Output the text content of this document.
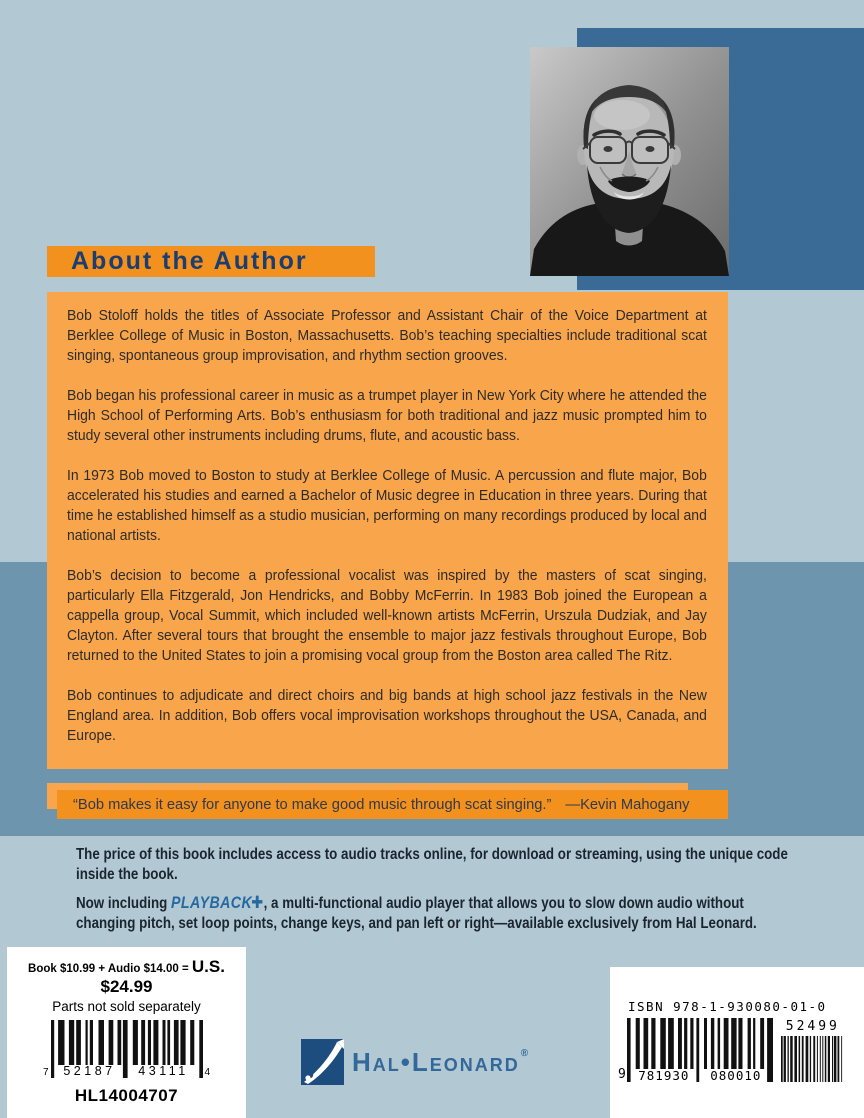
About the Author

Bob Stoloff holds the titles of Associate Professor and Assistant Chair of the Voice Department at Berklee College of Music in Boston, Massachusetts. Bob’s teaching specialties include traditional scat singing, spontaneous group improvisation, and rhythm section grooves.

Bob began his professional career in music as a trumpet player in New York City where he attended the High School of Performing Arts. Bob’s enthusiasm for both traditional and jazz music prompted him to study several other instruments including drums, flute, and acoustic bass.

In 1973 Bob moved to Boston to study at Berklee College of Music. A percussion and flute major, Bob accelerated his studies and earned a Bachelor of Music degree in Education in three years. During that time he established himself as a studio musician, performing on many recordings produced by local and national artists.

Bob’s decision to become a professional vocalist was inspired by the masters of scat singing, particularly Ella Fitzgerald, Jon Hendricks, and Bobby McFerrin. In 1983 Bob joined the European a cappella group, Vocal Summit, which included well-known artists McFerrin, Urszula Dudziak, and Jay Clayton. After several tours that brought the ensemble to major jazz festivals throughout Europe, Bob returned to the United States to join a promising vocal group from the Boston area called The Ritz.

Bob continues to adjudicate and direct choirs and big bands at high school jazz festivals in the New England area. In addition, Bob offers vocal improvisation workshops throughout the USA, Canada, and Europe.

“Bob makes it easy for anyone to make good music through scat singing.” —Kevin Mahogany

The price of this book includes access to audio tracks online, for download or streaming, using the unique code inside the book.

Now including PLAYBACK✚, a multi-functional audio player that allows you to slow down audio without changing pitch, set loop points, change keys, and pan left or right—available exclusively from Hal Leonard.

Book $10.99 + Audio $14.00 = U.S. $24.99
Parts not sold separately
7	52187	43111	4
HL14004707
ISBN 978-1-930080-01-0
9 781930 080010
52499
Hal•Leonard ®
